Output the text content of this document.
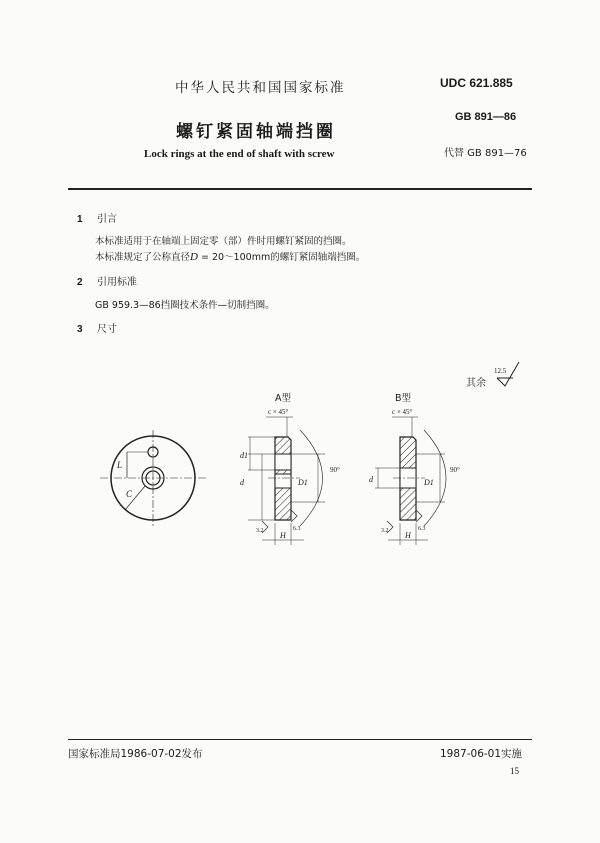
中华人民共和国国家标准	UDC 621.885
GB 891—86
螺钉紧固轴端挡圈
Lock rings at the end of shaft with screw	代替 GB 891—76
1 引言
本标准适用于在轴端上固定零（部）件时用螺钉紧固的挡圈。
本标准规定了公称直径D = 20～100mm的螺钉紧固轴端挡圈。
2 引用标准
GB 959.3—86挡圈技术条件—切制挡圈。
3 尺寸
其余
A型	B型
12.5
L
C
c × 45°
90°
d1
d	D1
H
3.2	6.3
c × 45°
90°
d	D1
H
3.2	6.3
国家标准局1986-07-02发布	1987-06-01实施
15
